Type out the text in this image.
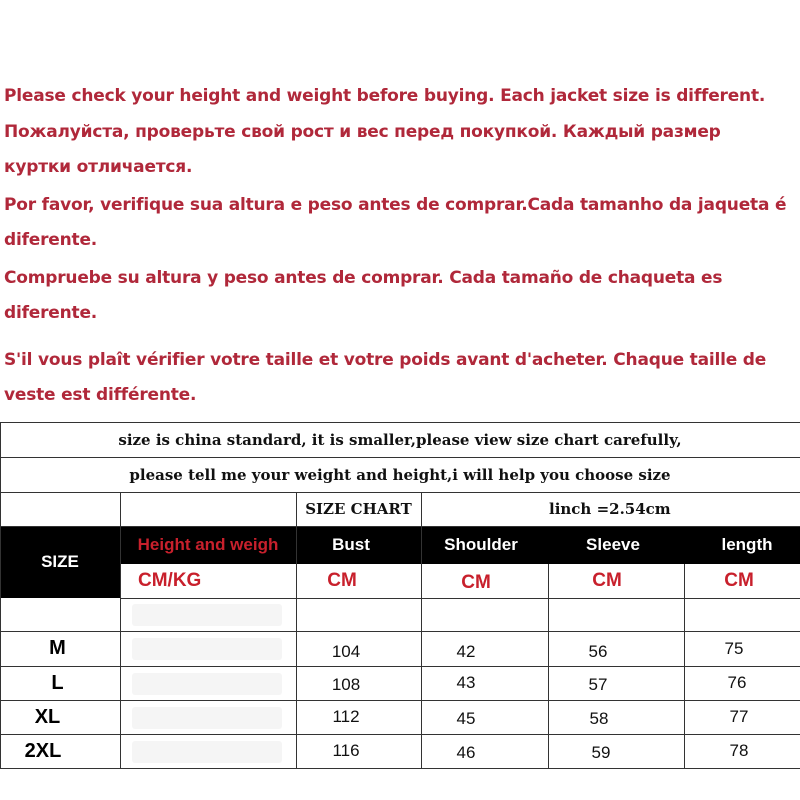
Please check your height and weight before buying. Each jacket size is different.
Пожалуйста, проверьте свой рост и вес перед покупкой. Каждый размер
куртки отличается.
Por favor, verifique sua altura e peso antes de comprar.Cada tamanho da jaqueta é
diferente.
Compruebe su altura y peso antes de comprar. Cada tamaño de chaqueta es
diferente.
S'il vous plaît vérifier votre taille et votre poids avant d'acheter. Chaque taille de
veste est différente.
size is china standard, it is smaller,please view size chart carefully,
please tell me your weight and height,i will help you choose size
SIZE CHART	linch =2.54cm
SIZE
Height and weigh	Bust	Shoulder	Sleeve	length
CM/KG	CM	CM	CM	CM
M	104	42	56	75
L	108	43	57	76
XL	112	45	58	77
2XL	116	46	59	78
